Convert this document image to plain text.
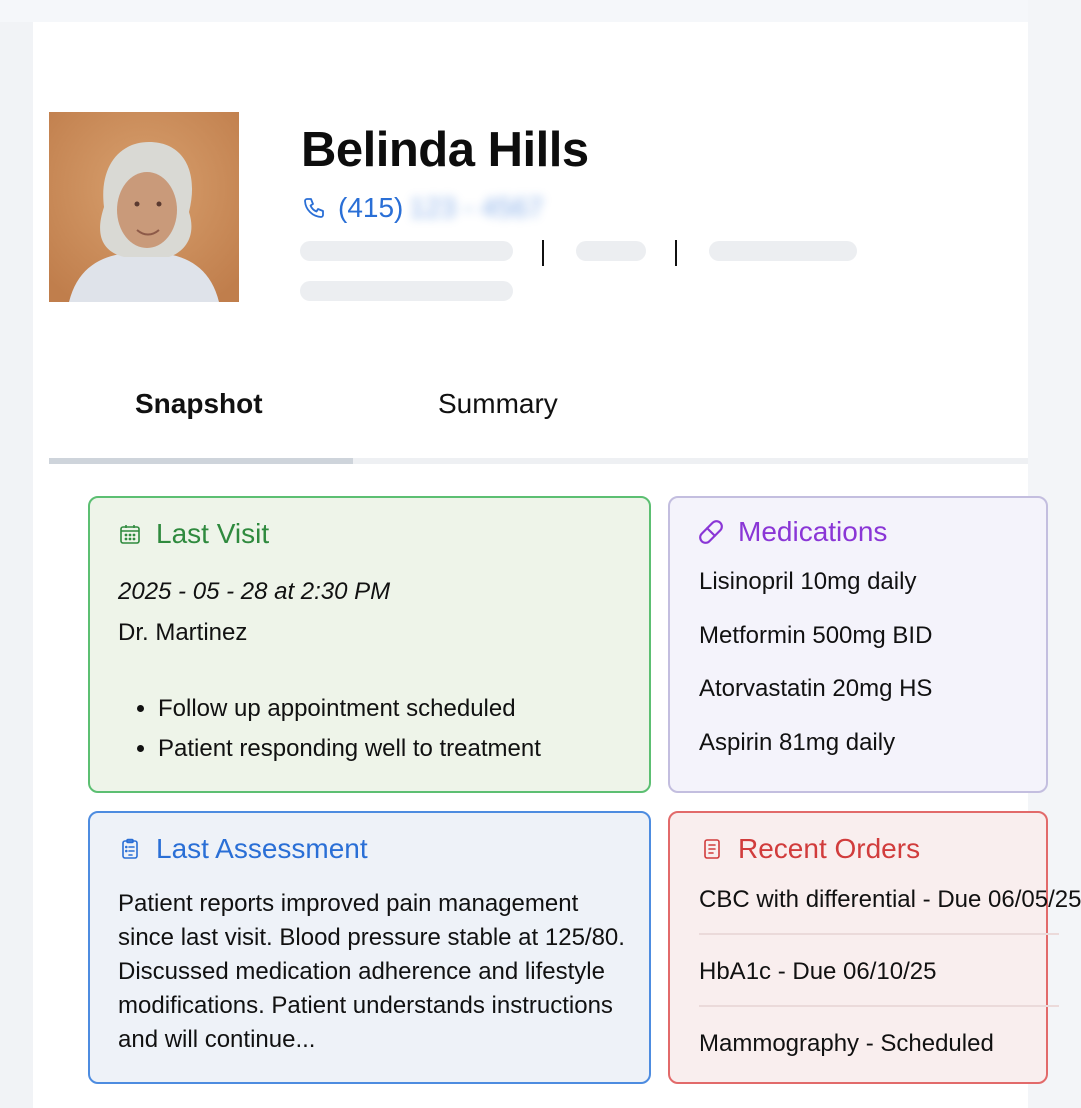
Belinda Hills
(415) 123 - 4567
Snapshot	Summary
Last Visit
2025 - 05 - 28 at 2:30 PM
Dr. Martinez
• Follow up appointment scheduled
• Patient responding well to treatment
Medications
Lisinopril 10mg daily
Metformin 500mg BID
Atorvastatin 20mg HS
Aspirin 81mg daily
Last Assessment

Patient reports improved pain management since last visit. Blood pressure stable at 125/80. Discussed medication adherence and lifestyle modifications. Patient understands instructions and will continue...

Recent Orders
CBC with differential - Due 06/05/25
HbA1c - Due 06/10/25
Mammography - Scheduled
